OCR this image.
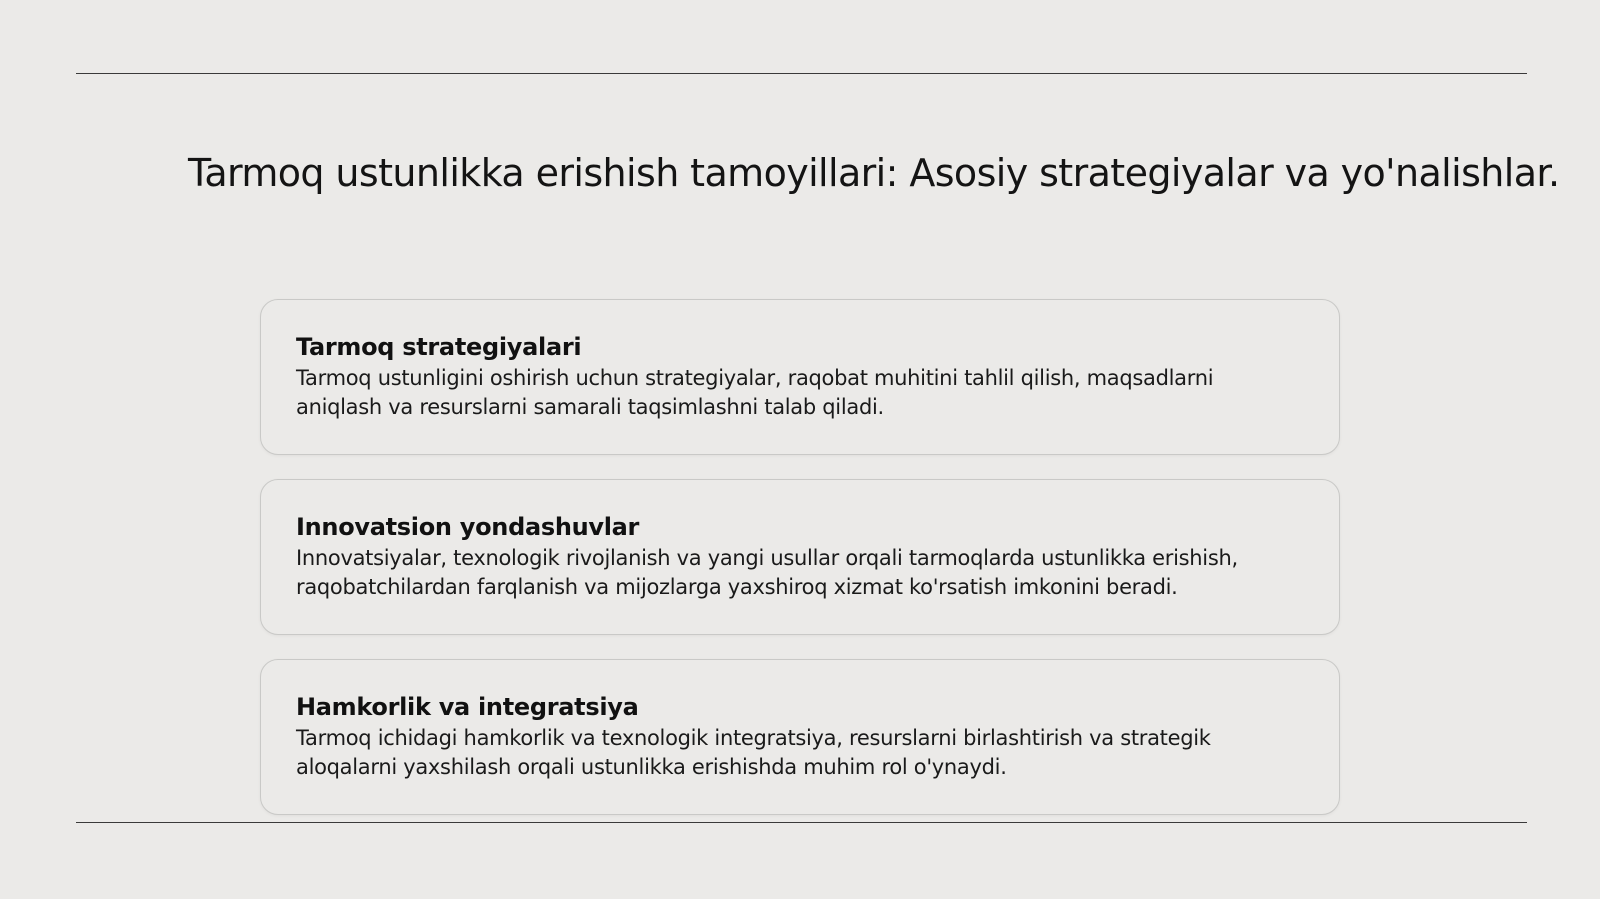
Tarmoq ustunlikka erishish tamoyillari: Asosiy strategiyalar va yo'nalishlar.

Tarmoq strategiyalari

Tarmoq ustunligini oshirish uchun strategiyalar, raqobat muhitini tahlil qilish, maqsadlarni aniqlash va resurslarni samarali taqsimlashni talab qiladi.

Innovatsion yondashuvlar

Innovatsiyalar, texnologik rivojlanish va yangi usullar orqali tarmoqlarda ustunlikka erishish, raqobatchilardan farqlanish va mijozlarga yaxshiroq xizmat ko'rsatish imkonini beradi.

Hamkorlik va integratsiya

Tarmoq ichidagi hamkorlik va texnologik integratsiya, resurslarni birlashtirish va strategik aloqalarni yaxshilash orqali ustunlikka erishishda muhim rol o'ynaydi.
